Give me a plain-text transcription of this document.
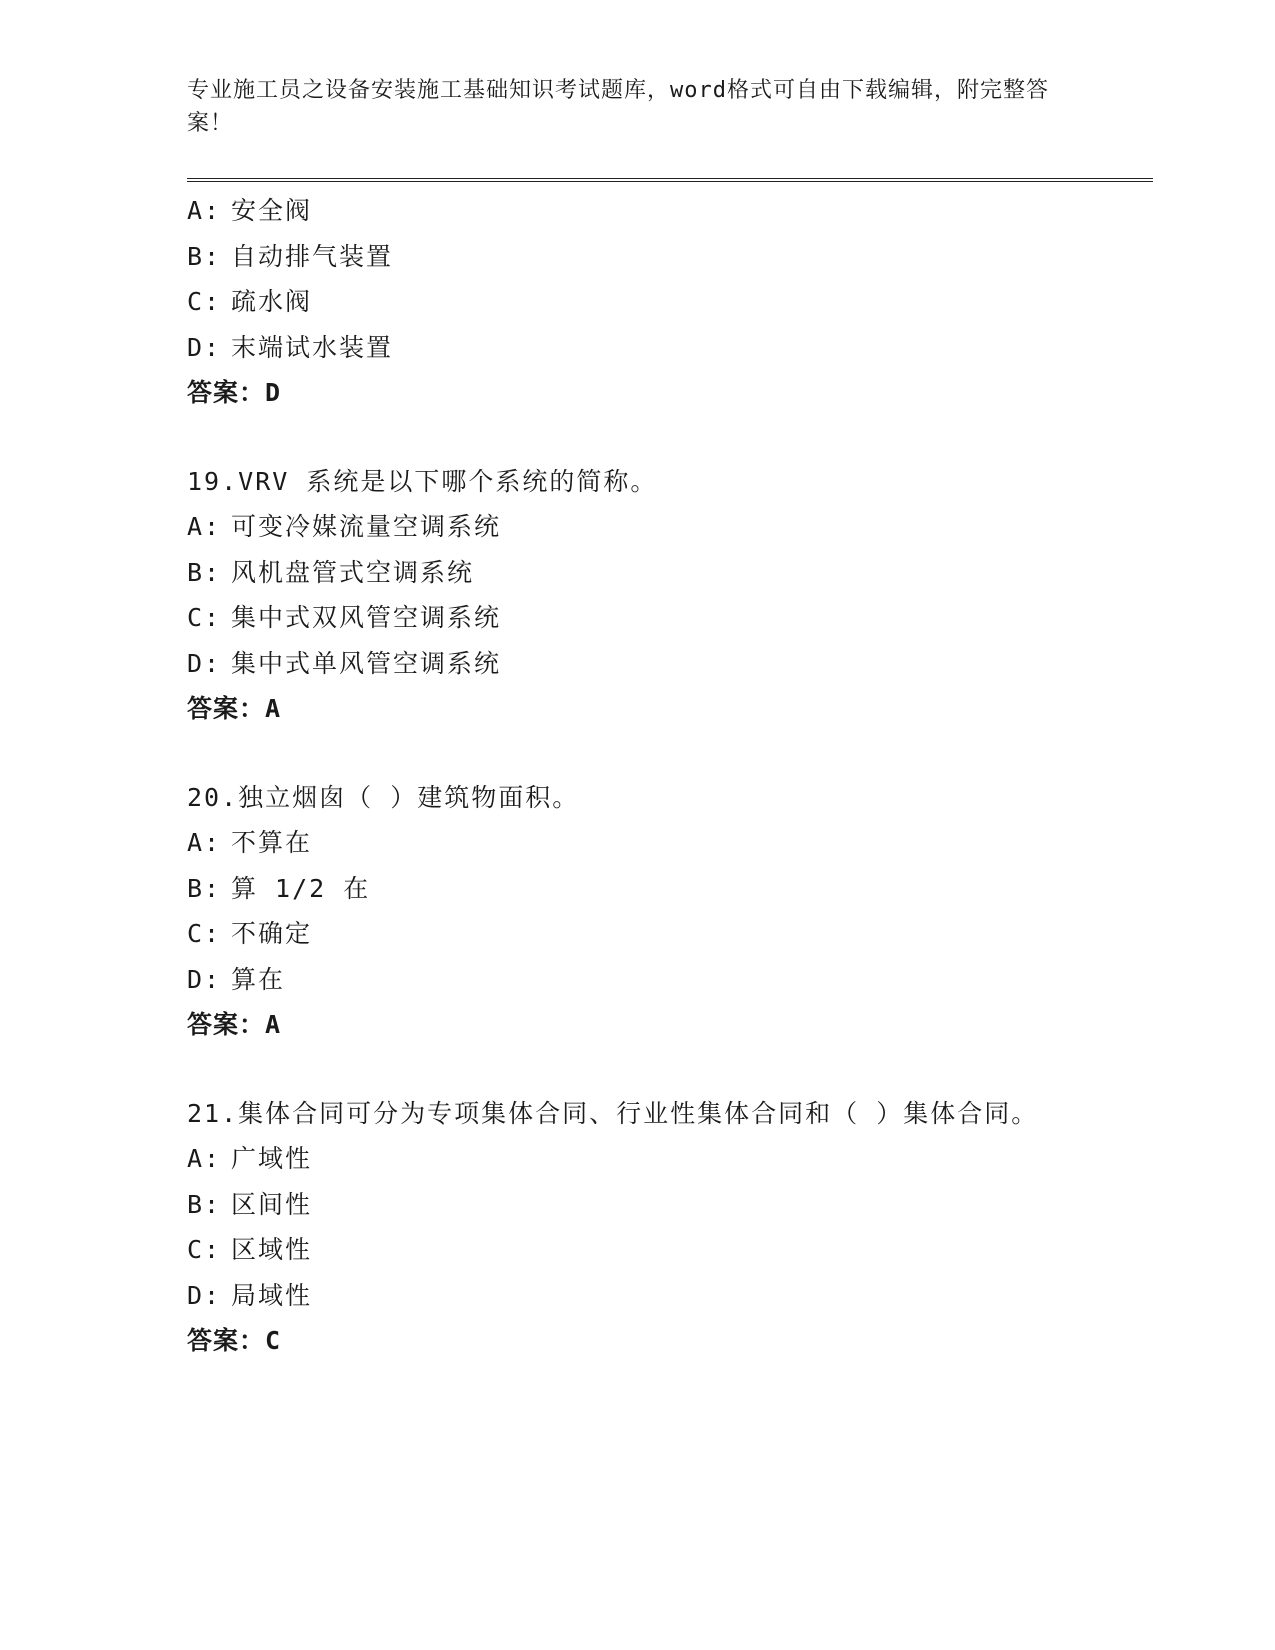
专业施工员之设备安装施工基础知识考试题库，word格式可自由下载编辑，附完整答案！
A: 安全阀
B: 自动排气装置
C: 疏水阀
D: 末端试水装置
答案：D

19.VRV 系统是以下哪个系统的简称。

A: 可变冷媒流量空调系统
B: 风机盘管式空调系统
C: 集中式双风管空调系统
D: 集中式单风管空调系统
答案：A

20.独立烟囱（ ）建筑物面积。

A: 不算在
B: 算 1/2 在
C: 不确定
D: 算在
答案：A

21.集体合同可分为专项集体合同、行业性集体合同和（ ）集体合同。

A: 广域性
B: 区间性
C: 区域性
D: 局域性
答案：C
